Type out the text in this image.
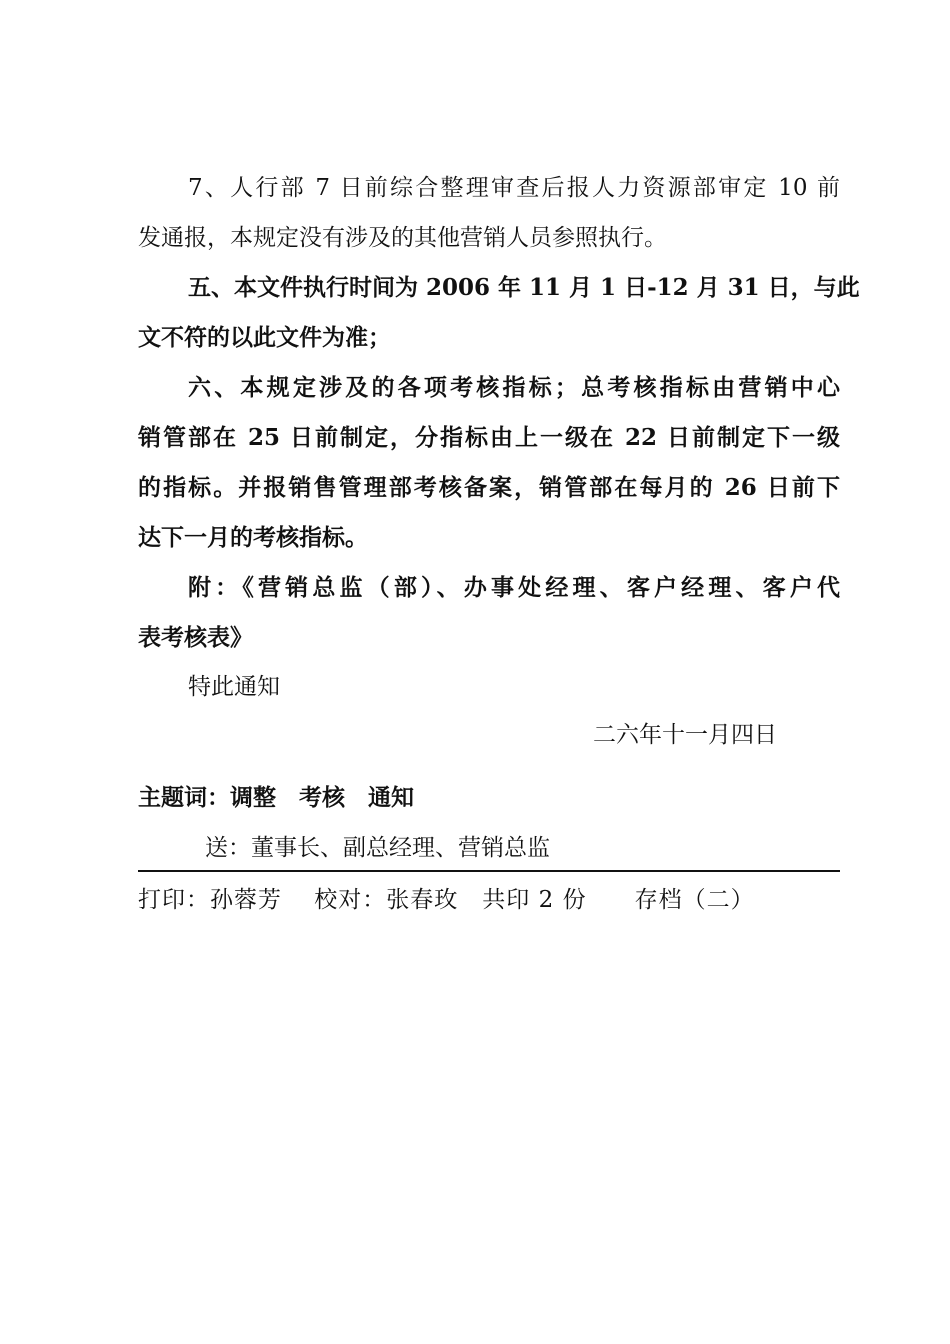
7、人行部 7 日前综合整理审查后报人力资源部审定 10 前
发通报，本规定没有涉及的其他营销人员参照执行。
五、本文件执行时间为 2006 年 11 月 1 日-12 月 31 日，与此
文不符的以此文件为准；
六、本规定涉及的各项考核指标；总考核指标由营销中心
销管部在 25 日前制定，分指标由上一级在 22 日前制定下一级
的指标。并报销售管理部考核备案，销管部在每月的 26 日前下
达下一月的考核指标。
附：《营销总监（部）、办事处经理、客户经理、客户代
表考核表》
特此通知
二六年十一月四日
主题词：调整　考核　通知
送：董事长、副总经理、营销总监
打印：孙蓉芳　 校对：张春玫　共印 2 份　　存档（二）
